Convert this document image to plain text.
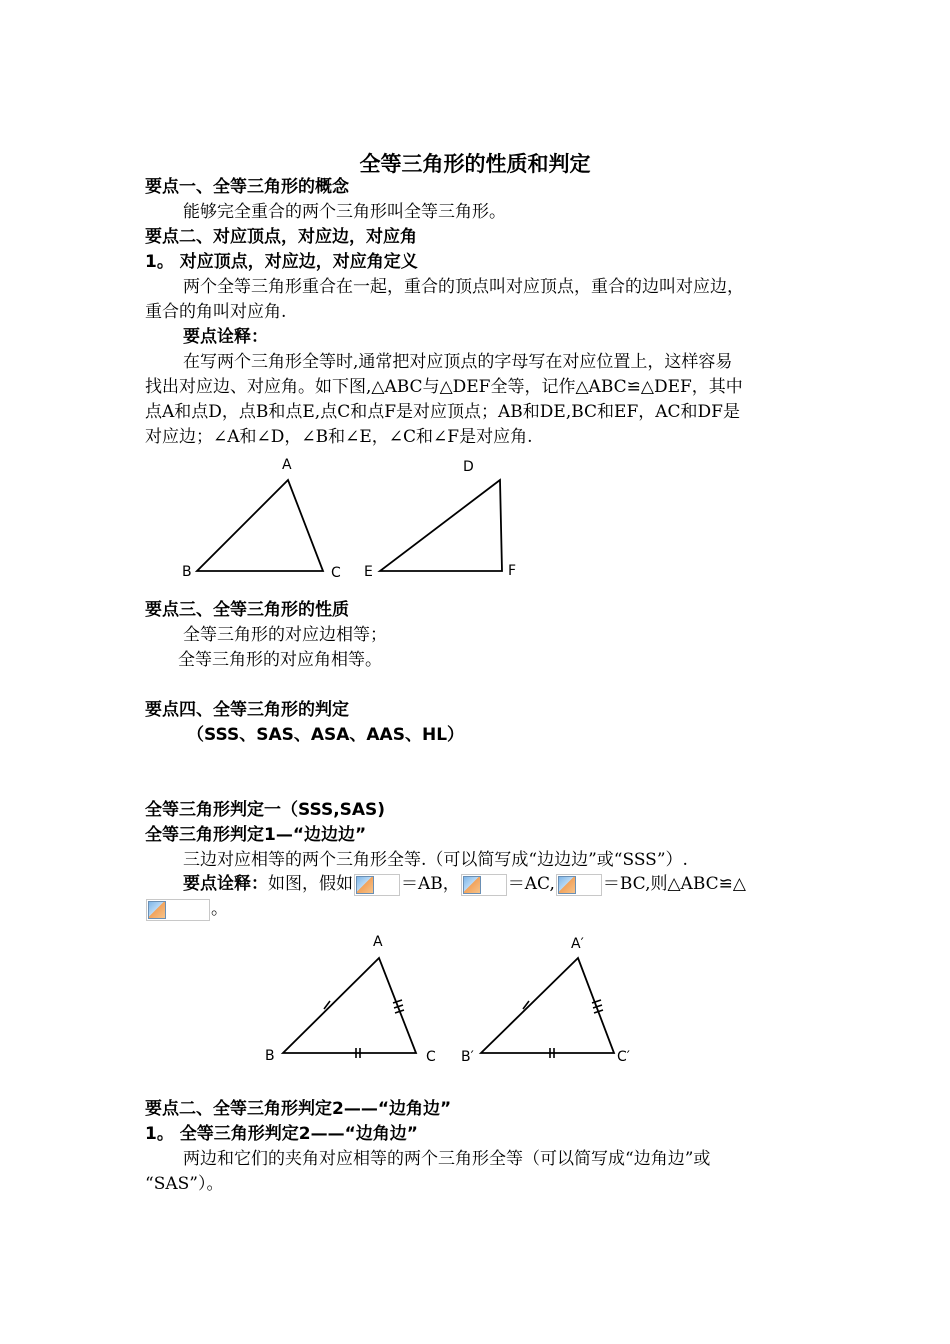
全等三角形的性质和判定
要点一、全等三角形的概念
能够完全重合的两个三角形叫全等三角形。
要点二、对应顶点，对应边，对应角
1。 对应顶点，对应边，对应角定义
两个全等三角形重合在一起，重合的顶点叫对应顶点，重合的边叫对应边，
重合的角叫对应角.
要点诠释：
在写两个三角形全等时,通常把对应顶点的字母写在对应位置上，这样容易
找出对应边、对应角。如下图,△ABC与△DEF全等，记作△ABC≌△DEF，其中
点A和点D，点B和点E,点C和点F是对应顶点；AB和DE,BC和EF，AC和DF是
对应边；∠A和∠D，∠B和∠E，∠C和∠F是对应角.
A
B	C
D
E	F
要点三、全等三角形的性质
全等三角形的对应边相等；
全等三角形的对应角相等。
要点四、全等三角形的判定
（SSS、SAS、ASA、AAS、HL）
全等三角形判定一（SSS,SAS)
全等三角形判定1—“边边边”
三边对应相等的两个三角形全等.（可以简写成“边边边”或“SSS”）.
要点诠释：如图，假如	＝AB，	＝AC,	＝BC,则△ABC≌△
。
A
B	C
A′
B′	C′
要点二、全等三角形判定2——“边角边”
1。 全等三角形判定2——“边角边”
两边和它们的夹角对应相等的两个三角形全等（可以简写成“边角边”或
“SAS”）。
